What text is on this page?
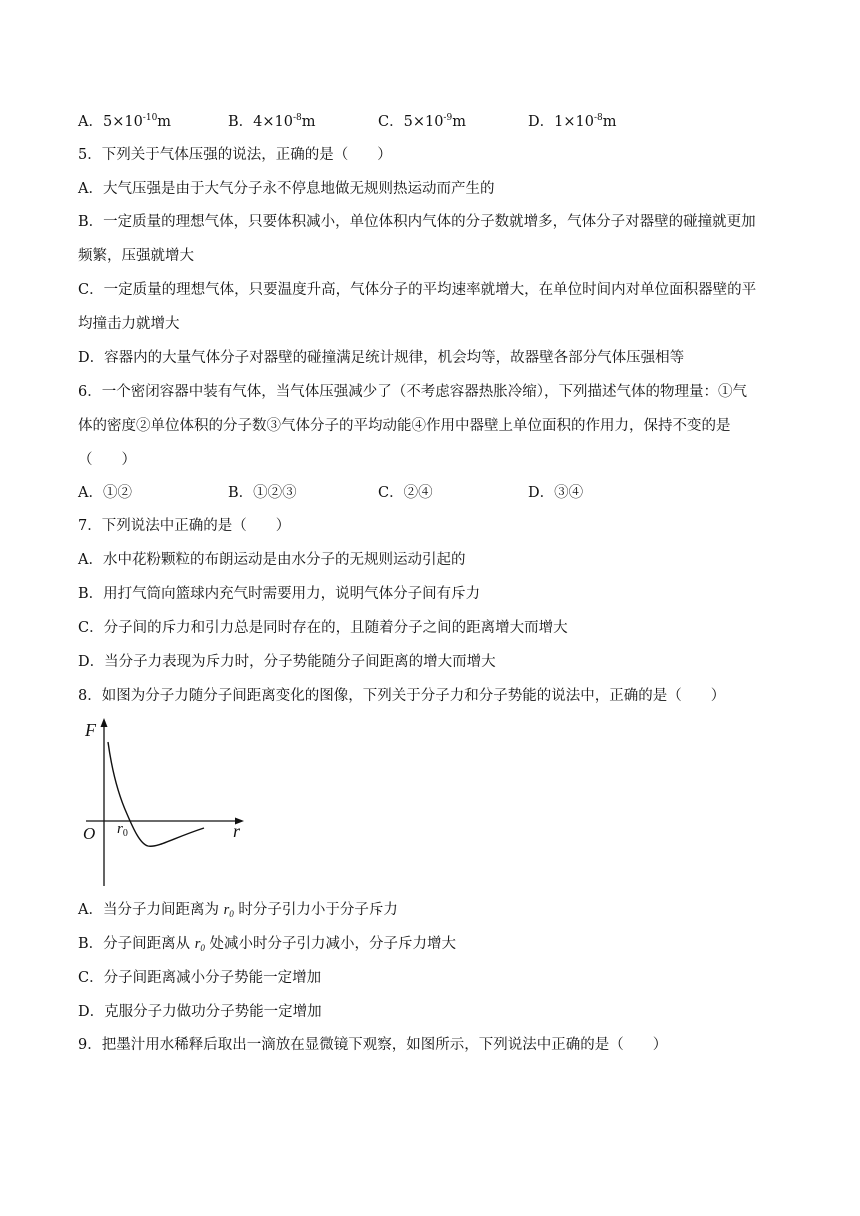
A．$5\times 10^{-10}m$	B．$4\times 10^{-8}m$	C．$5\times 10^{-9}m$	D．$1\times 10^{-8}m$
5．下列关于气体压强的说法，正确的是（　　）
A．大气压强是由于大气分子永不停息地做无规则热运动而产生的
B．一定质量的理想气体，只要体积减小，单位体积内气体的分子数就增多，气体分子对器壁的碰撞就更加
频繁，压强就增大
C．一定质量的理想气体，只要温度升高，气体分子的平均速率就增大，在单位时间内对单位面积器壁的平
均撞击力就增大
D．容器内的大量气体分子对器壁的碰撞满足统计规律，机会均等，故器壁各部分气体压强相等
6．一个密闭容器中装有气体，当气体压强减少了（不考虑容器热胀冷缩），下列描述气体的物理量：①气
体的密度②单位体积的分子数③气体分子的平均动能④作用中器壁上单位面积的作用力，保持不变的是
（　　）
A．①②	B．①②③	C．②④	D．③④
7．下列说法中正确的是（　　）
A．水中花粉颗粒的布朗运动是由水分子的无规则运动引起的
B．用打气筒向篮球内充气时需要用力，说明气体分子间有斥力
C．分子间的斥力和引力总是同时存在的，且随着分子之间的距离增大而增大
D．当分子力表现为斥力时，分子势能随分子间距离的增大而增大
8．如图为分子力随分子间距离变化的图像，下列关于分子力和分子势能的说法中，正确的是（　　）
F
r
O $r_0$
A．当分子力间距离为 $r_0$ 时分子引力小于分子斥力
B．分子间距离从 $r_0$ 处减小时分子引力减小，分子斥力增大
C．分子间距离减小分子势能一定增加
D．克服分子力做功分子势能一定增加
9．把墨汁用水稀释后取出一滴放在显微镜下观察，如图所示，下列说法中正确的是（　　）
